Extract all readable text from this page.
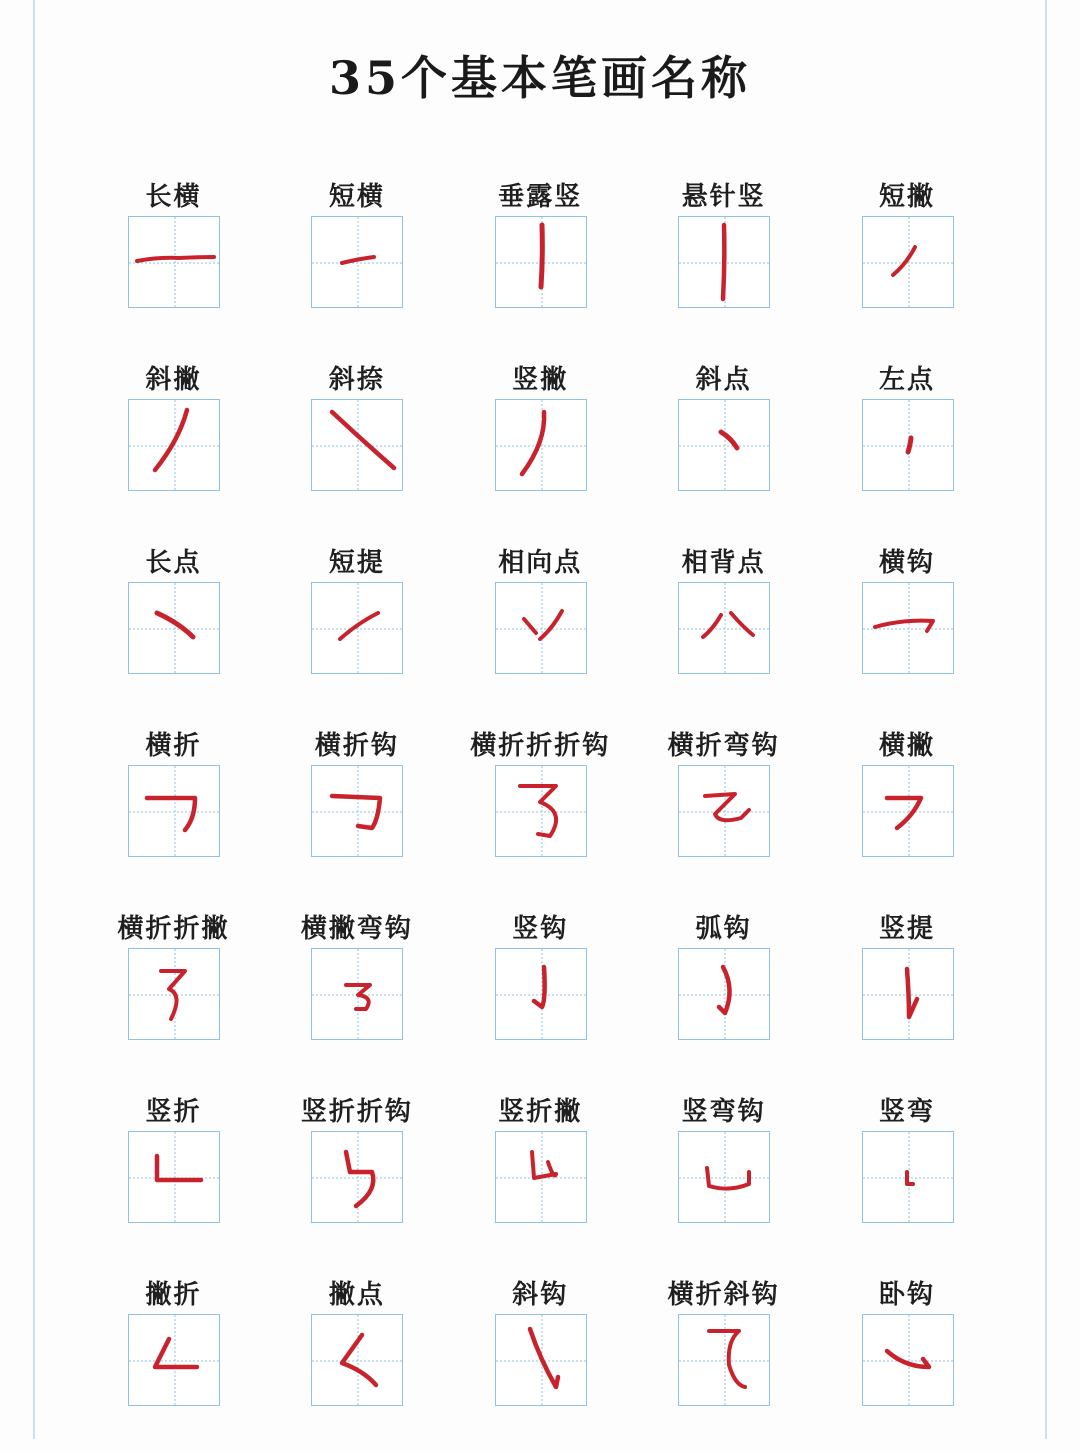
35个基本笔画名称
长横	短横	垂露竖	悬针竖	短撇
斜撇	斜捺	竖撇	斜点	左点
长点	短提	相向点	相背点	横钩
横折	横折钩	横折折折钩	横折弯钩	横撇
横折折撇	横撇弯钩	竖钩	弧钩	竖提
竖折	竖折折钩	竖折撇	竖弯钩	竖弯
撇折	撇点	斜钩	横折斜钩	卧钩
